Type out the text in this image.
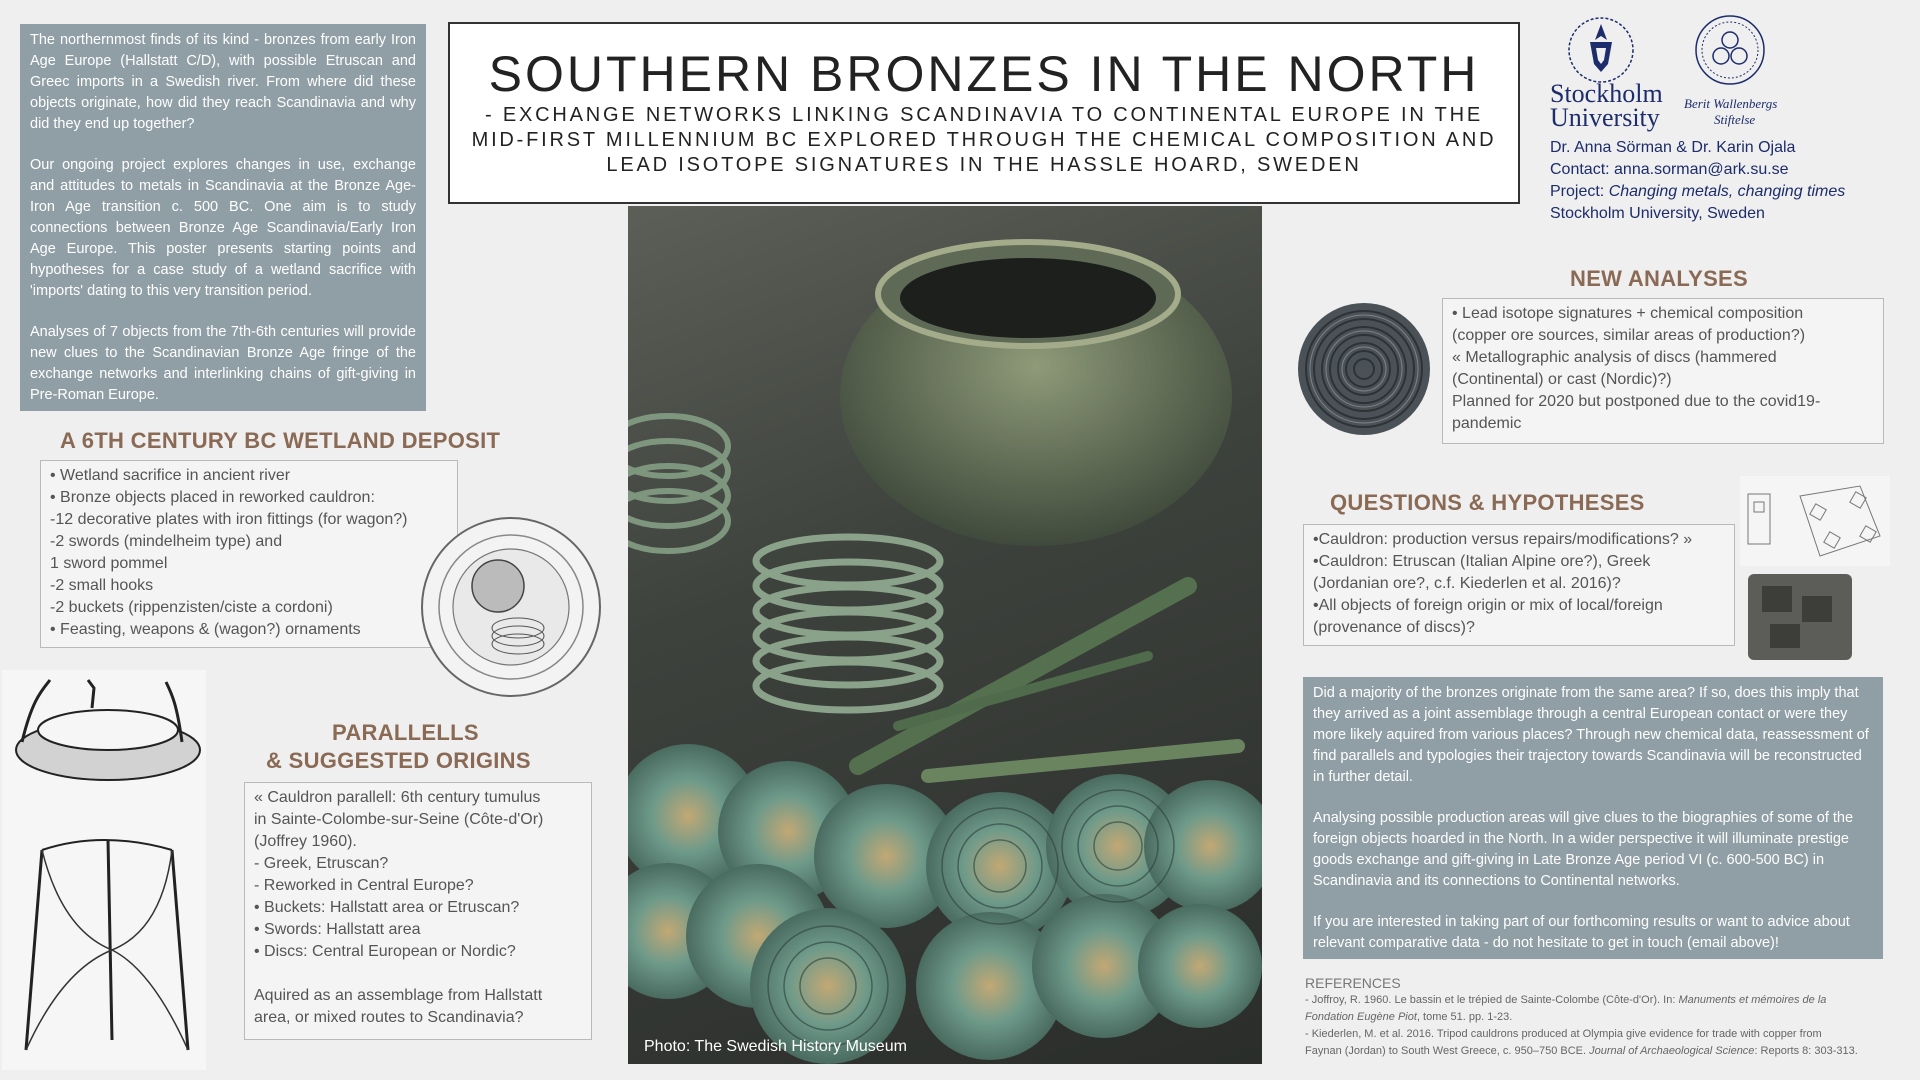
The northernmost finds of its kind - bronzes from early Iron Age Europe (Hallstatt C/D), with possible Etruscan and Greec imports in a Swedish river. From where did these objects originate, how did they reach Scandinavia and why did they end up together?

Our ongoing project explores changes in use, exchange and attitudes to metals in Scandinavia at the Bronze Age-Iron Age transition c. 500 BC. One aim is to study connections between Bronze Age Scandinavia/Early Iron Age Europe. This poster presents starting points and hypotheses for a case study of a wetland sacrifice with 'imports' dating to this very transition period.

Analyses of 7 objects from the 7th-6th centuries will provide new clues to the Scandinavian Bronze Age fringe of the exchange networks and interlinking chains of gift-giving in Pre-Roman Europe.

SOUTHERN BRONZES IN THE NORTH
- EXCHANGE NETWORKS LINKING SCANDINAVIA TO CONTINENTAL EUROPE IN THE
MID-FIRST MILLENNIUM BC EXPLORED THROUGH THE CHEMICAL COMPOSITION AND
LEAD ISOTOPE SIGNATURES IN THE HASSLE HOARD, SWEDEN
Stockholm
University Berit Wallenbergs
Stiftelse
Dr. Anna Sörman & Dr. Karin Ojala
Contact: anna.sorman@ark.su.se
Project: Changing metals, changing times
Stockholm University, Sweden
A 6TH CENTURY BC WETLAND DEPOSIT
• Wetland sacrifice in ancient river
• Bronze objects placed in reworked cauldron:
-12 decorative plates with iron fittings (for wagon?)
-2 swords (mindelheim type) and
1 sword pommel
-2 small hooks
-2 buckets (rippenzisten/ciste a cordoni)
• Feasting, weapons & (wagon?) ornaments
PARALLELLS
& SUGGESTED ORIGINS
« Cauldron parallell: 6th century tumulus
in Sainte-Colombe-sur-Seine (Côte-d'Or)
(Joffrey 1960).
- Greek, Etruscan?
- Reworked in Central Europe?
• Buckets: Hallstatt area or Etruscan?
• Swords: Hallstatt area
• Discs: Central European or Nordic?
Aquired as an assemblage from Hallstatt
area, or mixed routes to Scandinavia?
Photo: The Swedish History Museum
NEW ANALYSES
• Lead isotope signatures + chemical composition
(copper ore sources, similar areas of production?)
« Metallographic analysis of discs (hammered
(Continental) or cast (Nordic)?)
Planned for 2020 but postponed due to the covid19-
pandemic
QUESTIONS & HYPOTHESES
•Cauldron: production versus repairs/modifications? »
•Cauldron: Etruscan (Italian Alpine ore?), Greek
(Jordanian ore?, c.f. Kiederlen et al. 2016)?
•All objects of foreign origin or mix of local/foreign
(provenance of discs)?

Did a majority of the bronzes originate from the same area? If so, does this imply that they arrived as a joint assemblage through a central European contact or were they more likely aquired from various places? Through new chemical data, reassessment of find parallels and typologies their trajectory towards Scandinavia will be reconstructed in further detail.

Analysing possible production areas will give clues to the biographies of some of the foreign objects hoarded in the North. In a wider perspective it will illuminate prestige goods exchange and gift-giving in Late Bronze Age period VI (c. 600-500 BC) in Scandinavia and its connections to Continental networks.

If you are interested in taking part of our forthcoming results or want to advice about relevant comparative data - do not hesitate to get in touch (email above)!

REFERENCES
- Joffroy, R. 1960. Le bassin et le trépied de Sainte-Colombe (Côte-d'Or). In: Manuments et mémoires de la
Fondation Eugène Piot, tome 51. pp. 1-23.
- Kiederlen, M. et al. 2016. Tripod cauldrons produced at Olympia give evidence for trade with copper from
Faynan (Jordan) to South West Greece, c. 950–750 BCE. Journal of Archaeological Science: Reports 8: 303-313.
